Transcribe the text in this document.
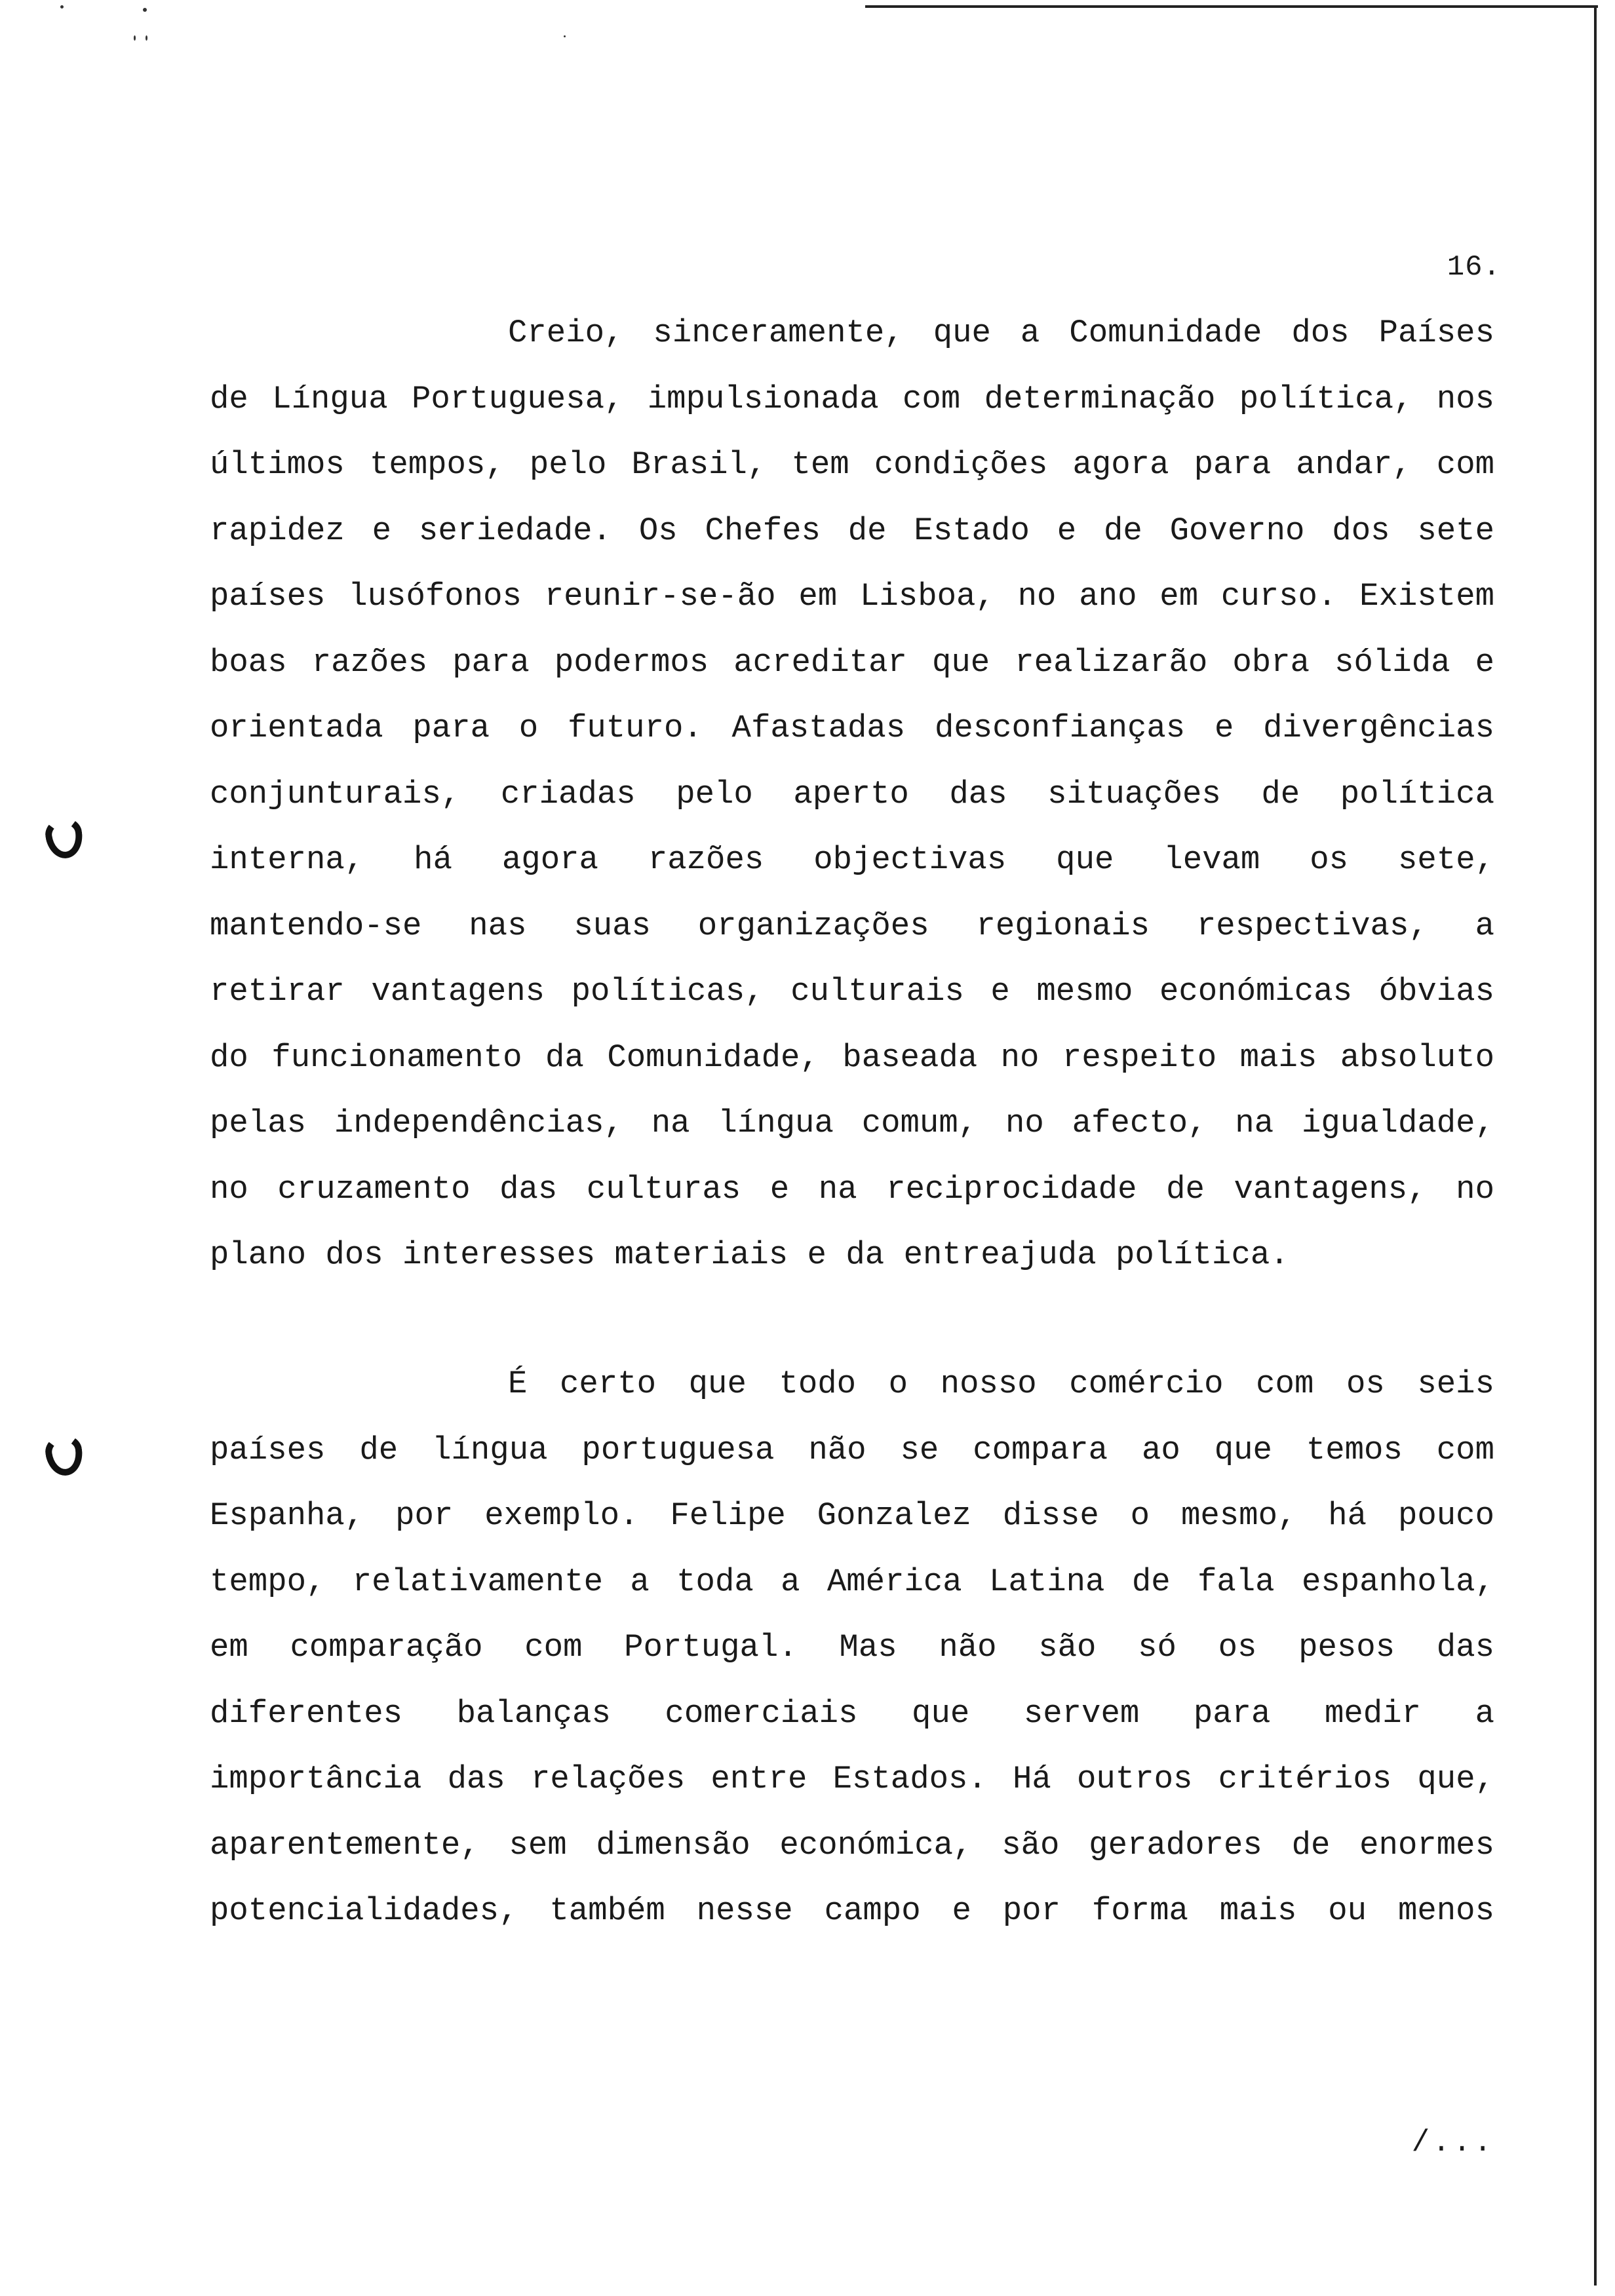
16.
Creio, sinceramente, que a Comunidade dos Países
de Língua Portuguesa, impulsionada com determinação política, nos
últimos tempos, pelo Brasil, tem condições agora para andar, com
rapidez e seriedade. Os Chefes de Estado e de Governo dos sete
países lusófonos reunir-se-ão em Lisboa, no ano em curso. Existem
boas razões para podermos acreditar que realizarão obra sólida e
orientada para o futuro. Afastadas desconfianças e divergências
conjunturais, criadas pelo aperto das situações de política
interna, há agora razões objectivas que levam os sete,
mantendo-se nas suas organizações regionais respectivas, a
retirar vantagens políticas, culturais e mesmo económicas óbvias
do funcionamento da Comunidade, baseada no respeito mais absoluto
pelas independências, na língua comum, no afecto, na igualdade,
no cruzamento das culturas e na reciprocidade de vantagens, no
plano dos interesses materiais e da entreajuda política.
É certo que todo o nosso comércio com os seis
países de língua portuguesa não se compara ao que temos com
Espanha, por exemplo. Felipe Gonzalez disse o mesmo, há pouco
tempo, relativamente a toda a América Latina de fala espanhola,
em comparação com Portugal. Mas não são só os pesos das
diferentes balanças comerciais que servem para medir a
importância das relações entre Estados. Há outros critérios que,
aparentemente, sem dimensão económica, são geradores de enormes
potencialidades, também nesse campo e por forma mais ou menos
/...
